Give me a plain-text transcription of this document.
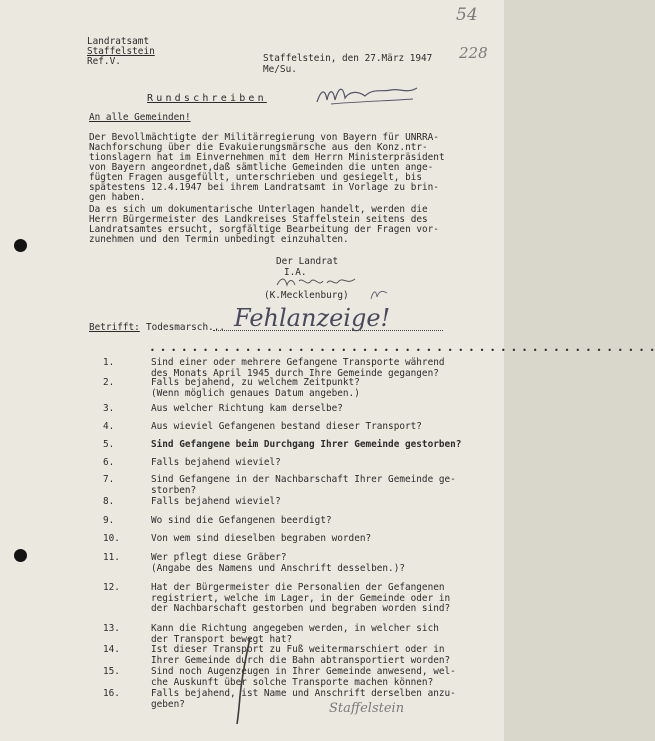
54
Landratsamt
Staffelstein
Ref.V.	Staffelstein, den 27.März 1947
Me/Su.
228
Rundschreiben
An alle Gemeinden!
Der Bevollmächtigte der Militärregierung von Bayern für UNRRA-
Nachforschung über die Evakuierungsmärsche aus den Konz.ntr-
tionslagern hat im Einvernehmen mit dem Herrn Ministerpräsident
von Bayern angeordnet,daß sämtliche Gemeinden die unten ange-
fügten Fragen ausgefüllt, unterschrieben und gesiegelt, bis
spätestens 12.4.1947 bei ihrem Landratsamt in Vorlage zu brin-
gen haben.
Da es sich um dokumentarische Unterlagen handelt, werden die
Herrn Bürgermeister des Landkreises Staffelstein seitens des
Landratsamtes ersucht, sorgfältige Bearbeitung der Fragen vor-
zunehmen und den Termin unbedingt einzuhalten.
Der Landrat
I.A.
(K.Mecklenburg)
Betrifft: Todesmarsch... Fehlanzeige!
• • • • • • • • • • • • • • • • • • • • • • • • • • • • • • • • • • • • • • • • • • • • • • • •
1.	Sind einer oder mehrere Gefangene Transporte während
des Monats April 1945 durch Ihre Gemeinde gegangen?
2.	Falls bejahend, zu welchem Zeitpunkt?
(Wenn möglich genaues Datum angeben.)
3.	Aus welcher Richtung kam derselbe?
4.	Aus wieviel Gefangenen bestand dieser Transport?
5.	Sind Gefangene beim Durchgang Ihrer Gemeinde gestorben?
6.	Falls bejahend wieviel?
7.	Sind Gefangene in der Nachbarschaft Ihrer Gemeinde ge-
storben?
8.	Falls bejahend wieviel?
9.	Wo sind die Gefangenen beerdigt?
10.	Von wem sind dieselben begraben worden?
11.	Wer pflegt diese Gräber?
(Angabe des Namens und Anschrift desselben.)?
12.	Hat der Bürgermeister die Personalien der Gefangenen
registriert, welche im Lager, in der Gemeinde oder in
der Nachbarschaft gestorben und begraben worden sind?
13.	Kann die Richtung angegeben werden, in welcher sich
der Transport bewegt hat?
14.	Ist dieser Transport zu Fuß weitermarschiert oder in
Ihrer Gemeinde durch die Bahn abtransportiert worden?
15.	Sind noch Augenzeugen in Ihrer Gemeinde anwesend, wel-
che Auskunft über solche Transporte machen können?
16.	Falls bejahend, ist Name und Anschrift derselben anzu-
geben?	Staffelstein
